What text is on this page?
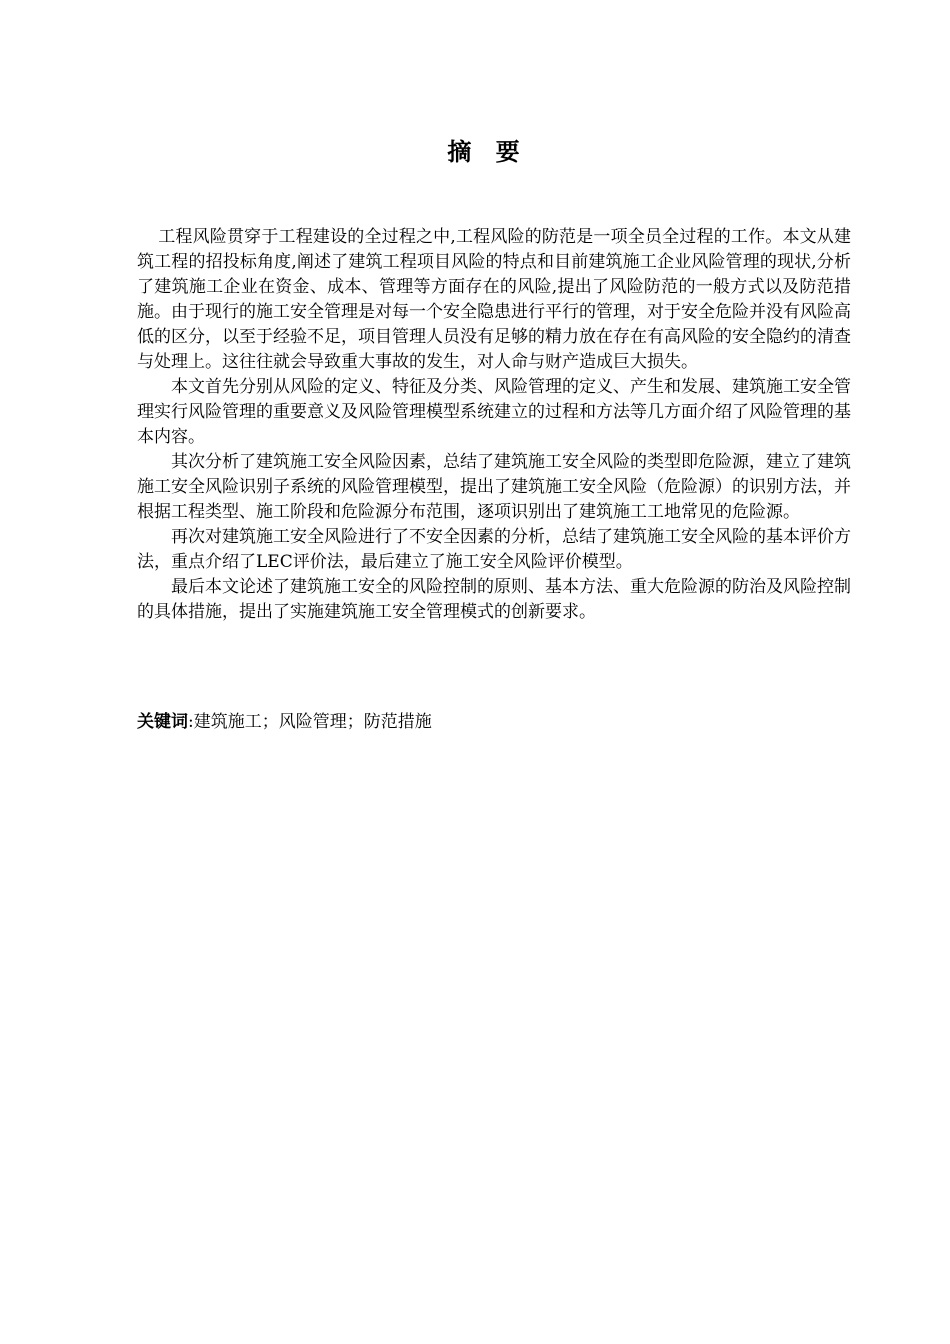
摘 要

工程风险贯穿于工程建设的全过程之中,工程风险的防范是一项全员全过程的工作。本文从建筑工程的招投标角度,阐述了建筑工程项目风险的特点和目前建筑施工企业风险管理的现状,分析了建筑施工企业在资金、成本、管理等方面存在的风险,提出了风险防范的一般方式以及防范措施。由于现行的施工安全管理是对每一个安全隐患进行平行的管理，对于安全危险并没有风险高低的区分，以至于经验不足，项目管理人员没有足够的精力放在存在有高风险的安全隐约的清查与处理上。这往往就会导致重大事故的发生，对人命与财产造成巨大损失。

本文首先分别从风险的定义、特征及分类、风险管理的定义、产生和发展、建筑施工安全管理实行风险管理的重要意义及风险管理模型系统建立的过程和方法等几方面介绍了风险管理的基本内容。

其次分析了建筑施工安全风险因素，总结了建筑施工安全风险的类型即危险源，建立了建筑施工安全风险识别子系统的风险管理模型，提出了建筑施工安全风险（危险源）的识别方法，并根据工程类型、施工阶段和危险源分布范围，逐项识别出了建筑施工工地常见的危险源。

再次对建筑施工安全风险进行了不安全因素的分析，总结了建筑施工安全风险的基本评价方法，重点介绍了LEC评价法，最后建立了施工安全风险评价模型。

最后本文论述了建筑施工安全的风险控制的原则、基本方法、重大危险源的防治及风险控制的具体措施，提出了实施建筑施工安全管理模式的创新要求。

关键词:建筑施工；风险管理；防范措施
